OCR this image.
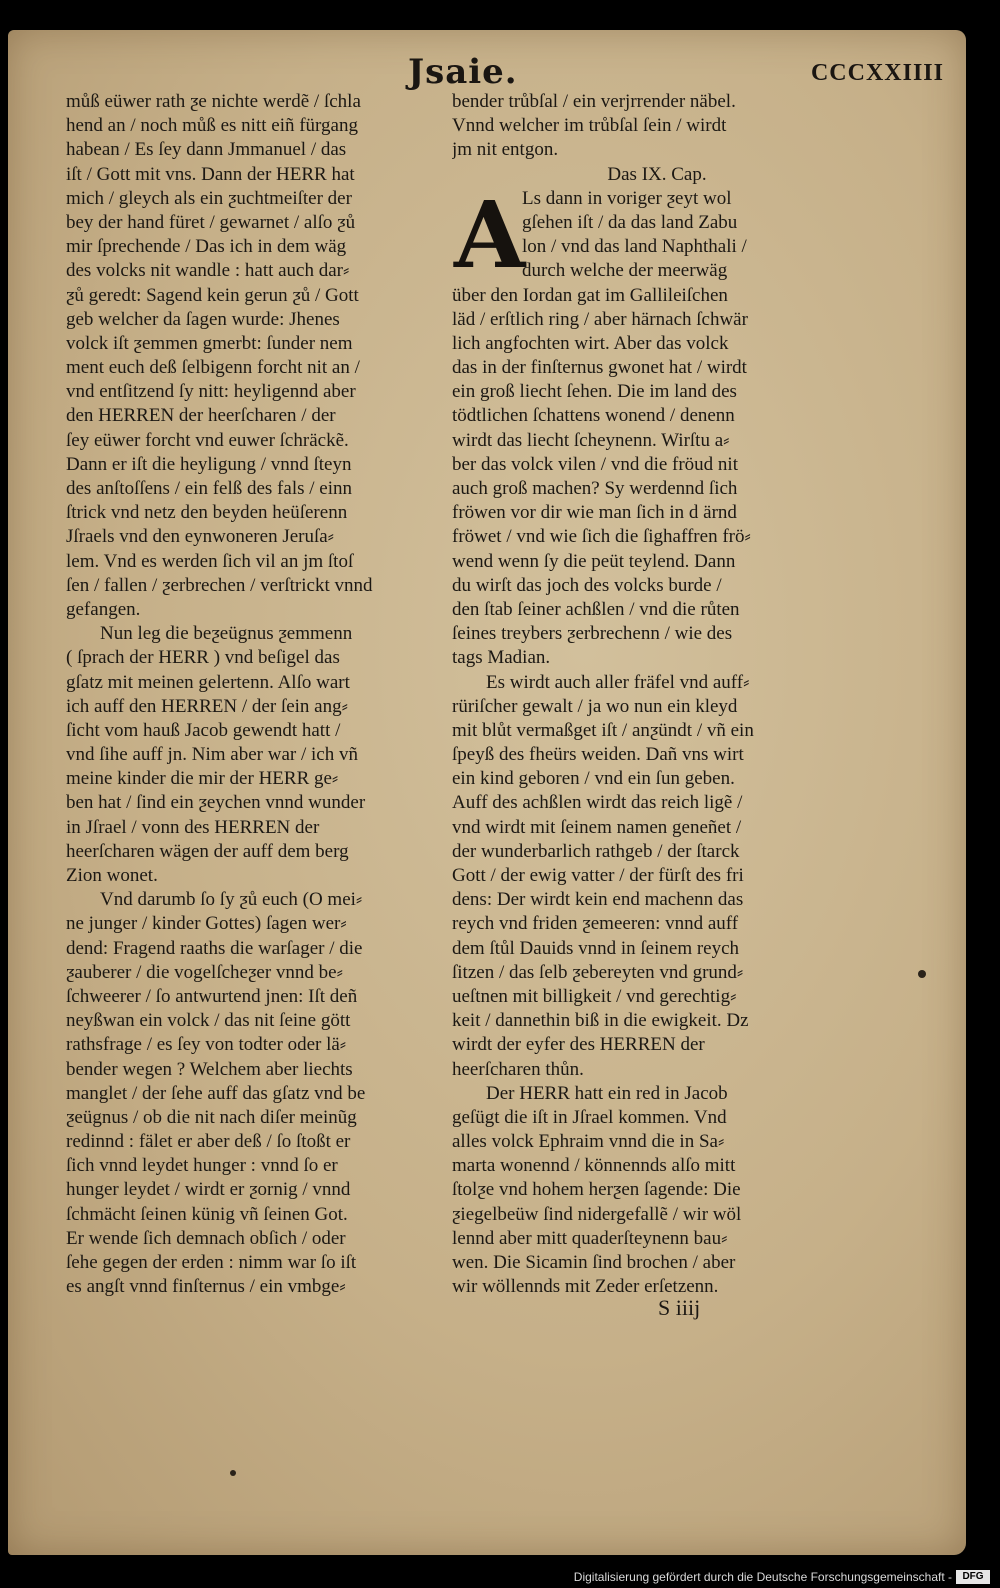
Jsaie.	CCCXXIIII
můß eüwer rath ƺe nichte werdẽ / ſchla
hend an / noch můß es nitt eiñ fürgang
habean / Es ſey dann Jmmanuel / das
iſt / Gott mit vns. Dann der HERR hat
mich / gleych als ein ƺuchtmeiſter der
bey der hand füret / gewarnet / alſo ƺů
mir ſprechende / Das ich in dem wäg
des volcks nit wandle : hatt auch dar⸗
ƺů geredt: Sagend kein gerun ƺů / Gott
geb welcher da ſagen wurde: Jhenes
volck iſt ƺemmen gmerbt: ſunder nem
ment euch deß ſelbigenn forcht nit an /
vnd entſitzend ſy nitt: heyligennd aber
den HERREN der heerſcharen / der
ſey eüwer forcht vnd euwer ſchräckẽ.
Dann er iſt die heyligung / vnnd ſteyn
des anſtoſſens / ein felß des fals / einn
ſtrick vnd netz den beyden heüſerenn
Jſraels vnd den eynwoneren Jeruſa⸗
lem. Vnd es werden ſich vil an jm ſtoſ
ſen / fallen / ƺerbrechen / verſtrickt vnnd
gefangen.
Nun leg die beƺeügnus ƺemmenn
( ſprach der HERR ) vnd beſigel das
gſatz mit meinen gelertenn. Alſo wart
ich auff den HERREN / der ſein ang⸗
ſicht vom hauß Jacob gewendt hatt /
vnd ſihe auff jn. Nim aber war / ich vñ
meine kinder die mir der HERR ge⸗
ben hat / ſind ein ƺeychen vnnd wunder
in Jſrael / vonn des HERREN der
heerſcharen wägen der auff dem berg
Zion wonet.
Vnd darumb ſo ſy ƺů euch (O mei⸗
ne junger / kinder Gottes) ſagen wer⸗
dend: Fragend raaths die warſager / die
ƺauberer / die vogelſcheƺer vnnd be⸗
ſchweerer / ſo antwurtend jnen: Iſt deñ
neyßwan ein volck / das nit ſeine gött
rathsfrage / es ſey von todter oder lä⸗
bender wegen ? Welchem aber liechts
manglet / der ſehe auff das gſatz vnd be
ƺeügnus / ob die nit nach diſer meinũg
redinnd : fälet er aber deß / ſo ſtoßt er
ſich vnnd leydet hunger : vnnd ſo er
hunger leydet / wirdt er ƺornig / vnnd
ſchmächt ſeinen künig vñ ſeinen Got.
Er wende ſich demnach obſich / oder
ſehe gegen der erden : nimm war ſo iſt
es angſt vnnd finſternus / ein vmbge⸗
bender trůbſal / ein verjrrender näbel.
Vnnd welcher im trůbſal ſein / wirdt
jm nit entgon.
Das IX. Cap.
A
Ls dann in voriger ƺeyt wol
gſehen iſt / da das land Zabu
lon / vnd das land Naphthali /
durch welche der meerwäg
über den Iordan gat im Gallileiſchen
läd / erſtlich ring / aber härnach ſchwär
lich angfochten wirt. Aber das volck
das in der finſternus gwonet hat / wirdt
ein groß liecht ſehen. Die im land des
tödtlichen ſchattens wonend / denenn
wirdt das liecht ſcheynenn. Wirſtu a⸗
ber das volck vilen / vnd die fröud nit
auch groß machen? Sy werdennd ſich
fröwen vor dir wie man ſich in d ärnd
fröwet / vnd wie ſich die ſighaffren frö⸗
wend wenn ſy die peüt teylend. Dann
du wirſt das joch des volcks burde /
den ſtab ſeiner achßlen / vnd die růten
ſeines treybers ƺerbrechenn / wie des
tags Madian.
Es wirdt auch aller fräfel vnd auff⸗
rüriſcher gewalt / ja wo nun ein kleyd
mit blůt vermaßget iſt / anƺündt / vñ ein
ſpeyß des fheürs weiden. Dañ vns wirt
ein kind geboren / vnd ein ſun geben.
Auff des achßlen wirdt das reich ligẽ /
vnd wirdt mit ſeinem namen geneñet /
der wunderbarlich rathgeb / der ſtarck
Gott / der ewig vatter / der fürſt des fri
dens: Der wirdt kein end machenn das
reych vnd friden ƺemeeren: vnnd auff
dem ſtůl Dauids vnnd in ſeinem reych
ſitzen / das ſelb ƺebereyten vnd grund⸗
ueſtnen mit billigkeit / vnd gerechtig⸗
keit / dannethin biß in die ewigkeit. Dz
wirdt der eyfer des HERREN der
heerſcharen thůn.
Der HERR hatt ein red in Jacob
geſügt die iſt in Jſrael kommen. Vnd
alles volck Ephraim vnnd die in Sa⸗
marta wonennd / könnennds alſo mitt
ſtolƺe vnd hohem herƺen ſagende: Die
ƺiegelbeüw ſind nidergefallẽ / wir wöl
lennd aber mitt quaderſteynenn bau⸗
wen. Die Sicamin ſind brochen / aber
wir wöllennds mit Zeder erſetzenn.
S iiij
Digitalisierung gefördert durch die Deutsche Forschungsgemeinschaft -	DFG
